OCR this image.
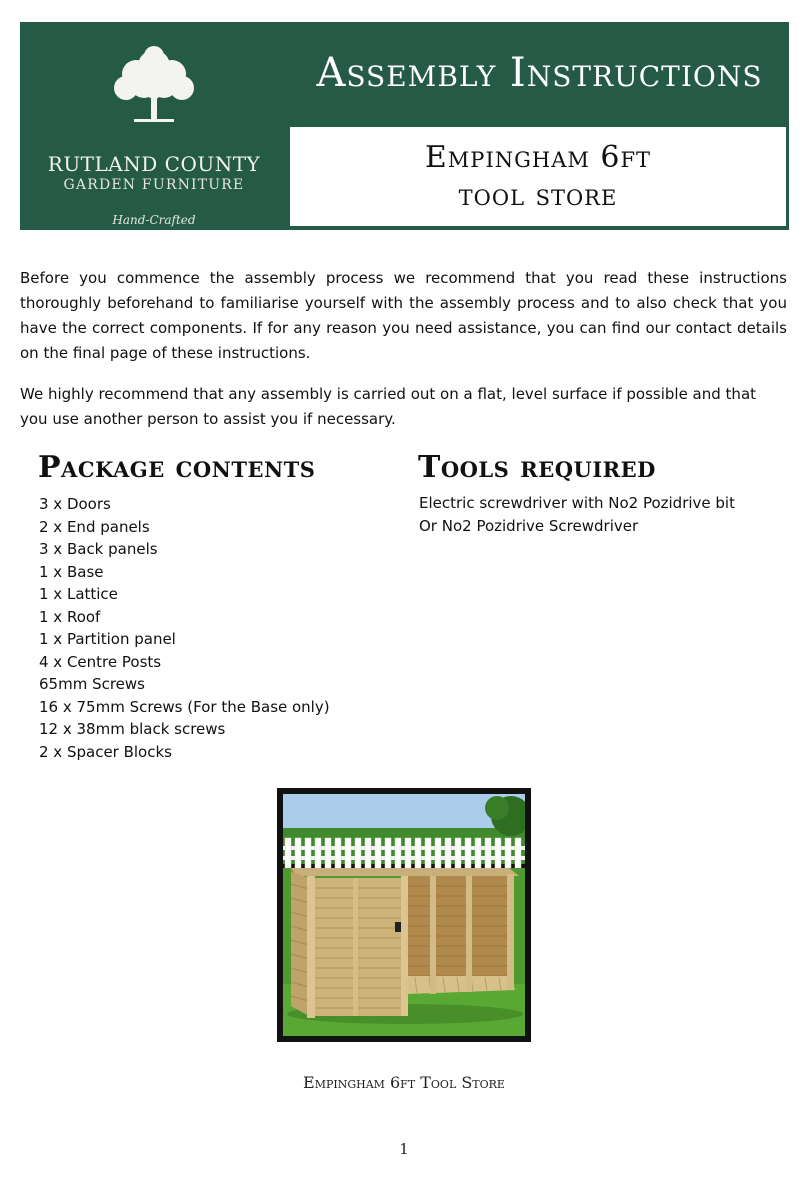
RUTLAND COUNTY
GARDEN FURNITURE
Hand-Crafted
Assembly Instructions
Empingham 6ft
tool store

Before you commence the assembly process we recommend that you read these instructions thoroughly beforehand to familiarise yourself with the assembly process and to also check that you have the correct components. If for any reason you need assistance, you can find our contact details on the final page of these instructions.

We highly recommend that any assembly is carried out on a flat, level surface if possible and that you use another person to assist you if necessary.

Package contents
3 x Doors
2 x End panels
3 x Back panels
1 x Base
1 x Lattice
1 x Roof
1 x Partition panel
4 x Centre Posts
65mm Screws
16 x 75mm Screws (For the Base only)
12 x 38mm black screws
2 x Spacer Blocks
Tools required
Electric screwdriver with No2 Pozidrive bit
Or No2 Pozidrive Screwdriver
Empingham 6ft Tool Store
1
